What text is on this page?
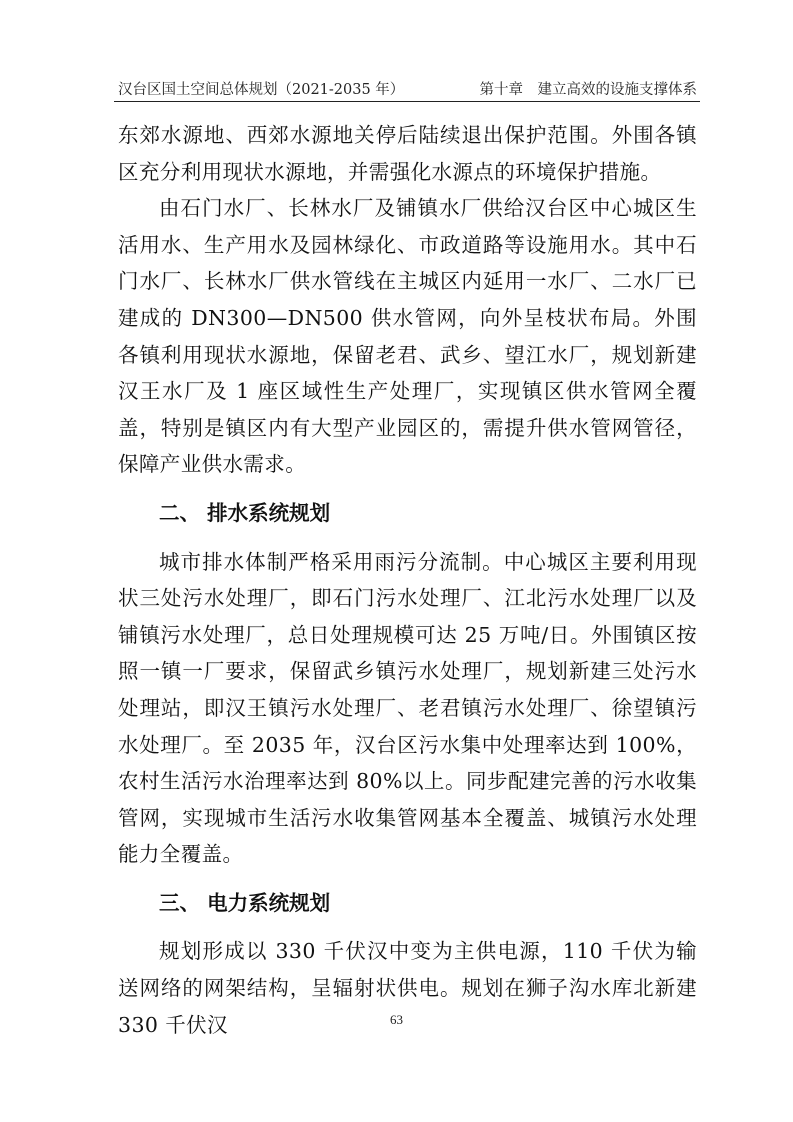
汉台区国土空间总体规划（2021-2035 年）	第十章　建立高效的设施支撑体系

东郊水源地、西郊水源地关停后陆续退出保护范围。外围各镇区充分利用现状水源地，并需强化水源点的环境保护措施。

由石门水厂、长林水厂及铺镇水厂供给汉台区中心城区生活用水、生产用水及园林绿化、市政道路等设施用水。其中石门水厂、长林水厂供水管线在主城区内延用一水厂、二水厂已建成的 DN300—DN500 供水管网，向外呈枝状布局。外围各镇利用现状水源地，保留老君、武乡、望江水厂，规划新建汉王水厂及 1 座区域性生产处理厂，实现镇区供水管网全覆盖，特别是镇区内有大型产业园区的，需提升供水管网管径，保障产业供水需求。

二、 排水系统规划

城市排水体制严格采用雨污分流制。中心城区主要利用现状三处污水处理厂，即石门污水处理厂、江北污水处理厂以及铺镇污水处理厂，总日处理规模可达 25 万吨/日。外围镇区按照一镇一厂要求，保留武乡镇污水处理厂，规划新建三处污水处理站，即汉王镇污水处理厂、老君镇污水处理厂、徐望镇污水处理厂。至 2035 年，汉台区污水集中处理率达到 100%，农村生活污水治理率达到 80%以上。同步配建完善的污水收集管网，实现城市生活污水收集管网基本全覆盖、城镇污水处理能力全覆盖。

三、 电力系统规划

规划形成以 330 千伏汉中变为主供电源，110 千伏为输送网络的网架结构，呈辐射状供电。规划在狮子沟水库北新建 330 千伏汉	63
